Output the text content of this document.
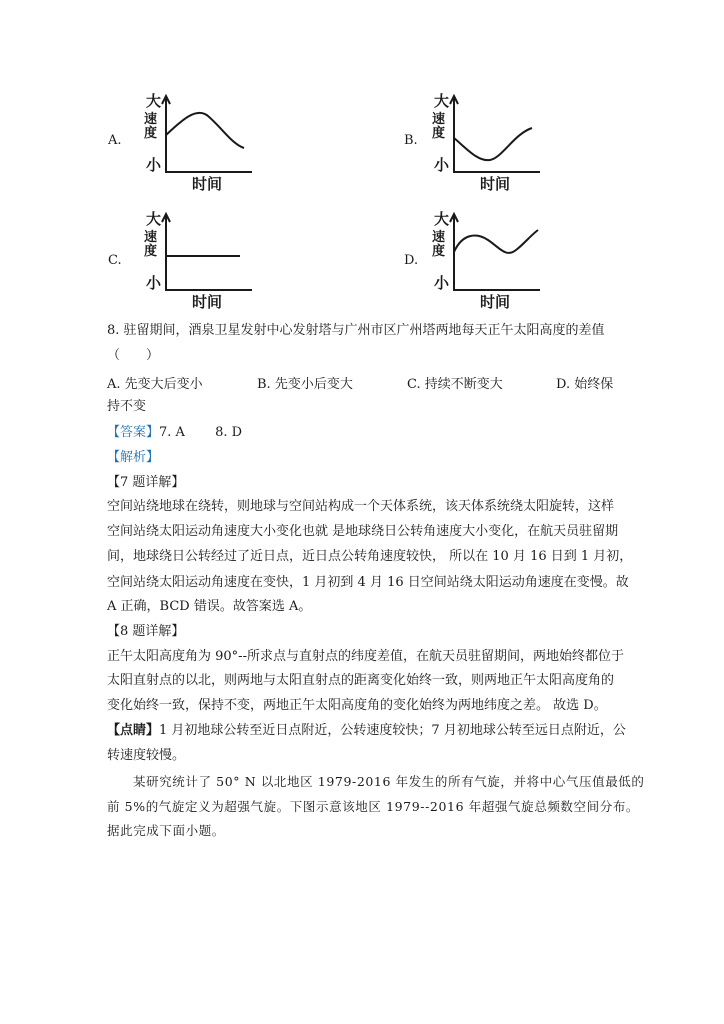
A.
大
小
速度
时间
B.
大
小
速度
时间
C.
大
小
速度
时间
D.
大
小
速度
时间
8. 驻留期间，酒泉卫星发射中心发射塔与广州市区广州塔两地每天正午太阳高度的差值
（　　）
A. 先变大后变小	B. 先变小后变大	C. 持续不断变大	D. 始终保
持不变
【答案】7. A　　 8. D
【解析】
【7 题详解】
空间站绕地球在绕转，则地球与空间站构成一个天体系统，该天体系统绕太阳旋转，这样
空间站绕太阳运动角速度大小变化也就 是地球绕日公转角速度大小变化，在航天员驻留期
间，地球绕日公转经过了近日点，近日点公转角速度较快， 所以在 10 月 16 日到 1 月初，
空间站绕太阳运动角速度在变快，1 月初到 4 月 16 日空间站绕太阳运动角速度在变慢。故
A 正确，BCD 错误。故答案选 A。
【8 题详解】
正午太阳高度角为 90°--所求点与直射点的纬度差值，在航天员驻留期间，两地始终都位于
太阳直射点的以北，则两地与太阳直射点的距离变化始终一致，则两地正午太阳高度角的
变化始终一致，保持不变，两地正午太阳高度角的变化始终为两地纬度之差。 故选 D。
【点睛】1 月初地球公转至近日点附近，公转速度较快；7 月初地球公转至远日点附近，公
转速度较慢。
某研究统计了 50° N 以北地区 1979-2016 年发生的所有气旋，并将中心气压值最低的
前 5%的气旋定义为超强气旋。下图示意该地区 1979--2016 年超强气旋总频数空间分布。
据此完成下面小题。
